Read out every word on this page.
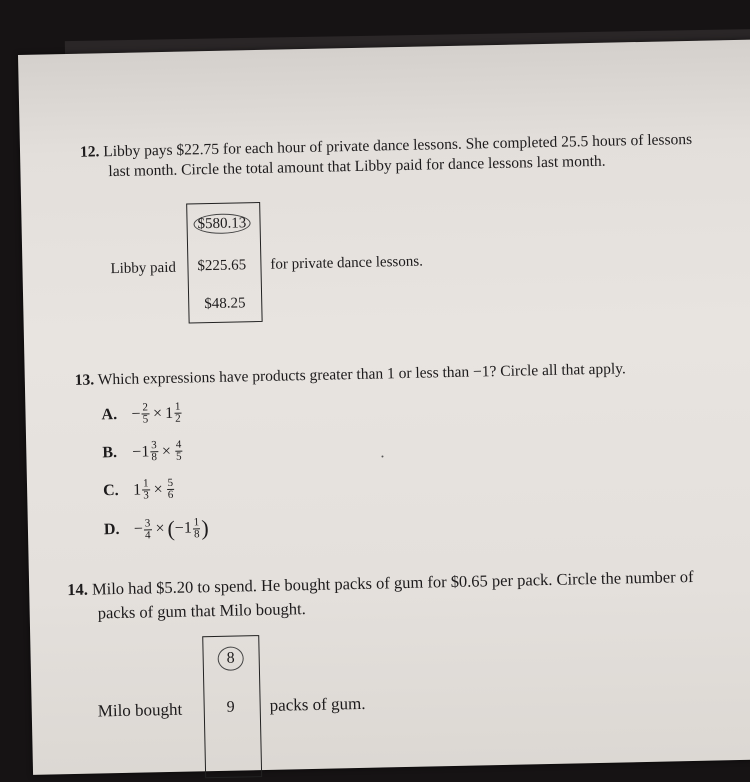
12. Libby pays $22.75 for each hour of private dance lessons. She completed 25.5 hours of lessons
last month. Circle the total amount that Libby paid for dance lessons last month.
Libby paid
$580.13
$225.65
$48.25
for private dance lessons.
13. Which expressions have products greater than 1 or less than −1? Circle all that apply.
A. − $\frac{2}{5} \times 1 \frac{1}{2}$
B. − $1 \frac{3}{8} \times \frac{4}{5}$
C. $1 \frac{1}{3} \times \frac{5}{6}$
D. − $\frac{3}{4}$ × ( − $1 \frac{1}{8}$ )
14. Milo had $5.20 to spend. He bought packs of gum for $0.65 per pack. Circle the number of
packs of gum that Milo bought.
8
9
Milo bought	packs of gum.
